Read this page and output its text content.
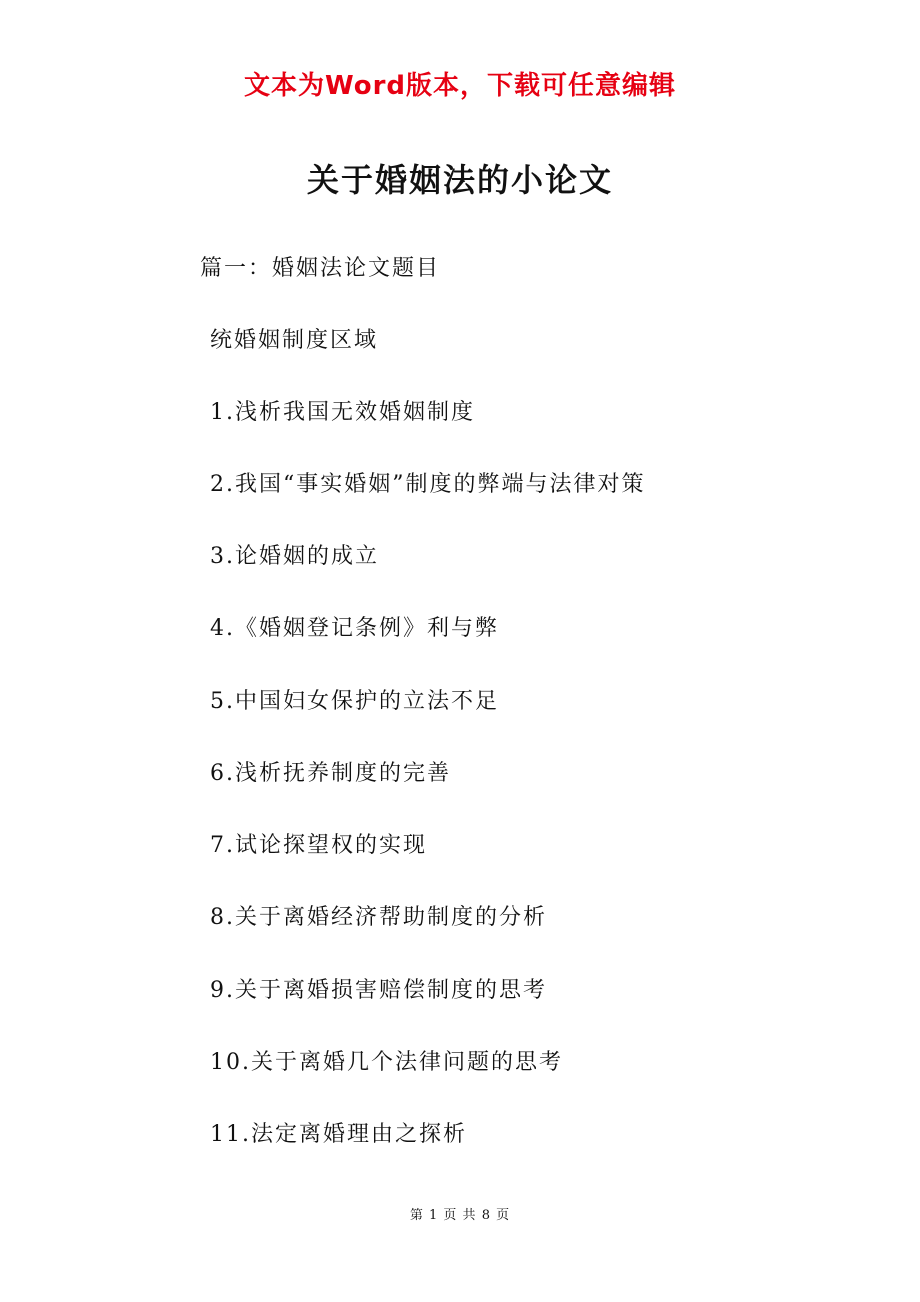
文本为Word版本，下载可任意编辑
关于婚姻法的小论文
篇一：婚姻法论文题目
统婚姻制度区域
1.浅析我国无效婚姻制度
2.我国“事实婚姻”制度的弊端与法律对策
3.论婚姻的成立
4.《婚姻登记条例》利与弊
5.中国妇女保护的立法不足
6.浅析抚养制度的完善
7.试论探望权的实现
8.关于离婚经济帮助制度的分析
9.关于离婚损害赔偿制度的思考
10.关于离婚几个法律问题的思考
11.法定离婚理由之探析
第 1 页 共 8 页
